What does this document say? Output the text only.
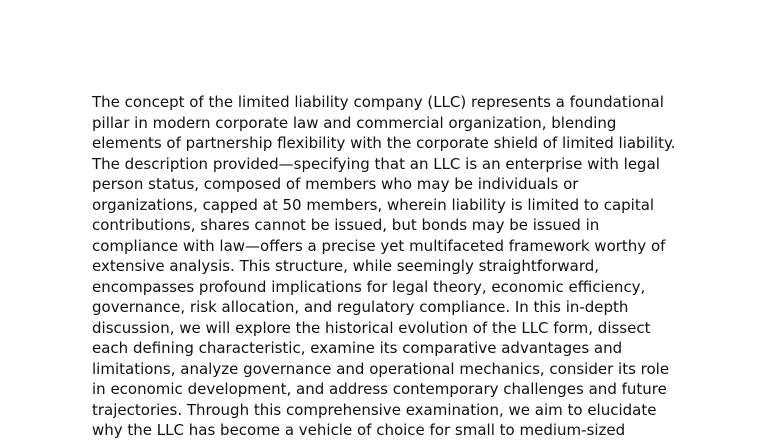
The concept of the limited liability company (LLC) represents a foundational
pillar in modern corporate law and commercial organization, blending
elements of partnership flexibility with the corporate shield of limited liability.
The description provided—specifying that an LLC is an enterprise with legal
person status, composed of members who may be individuals or
organizations, capped at 50 members, wherein liability is limited to capital
contributions, shares cannot be issued, but bonds may be issued in
compliance with law—offers a precise yet multifaceted framework worthy of
extensive analysis. This structure, while seemingly straightforward,
encompasses profound implications for legal theory, economic efficiency,
governance, risk allocation, and regulatory compliance. In this in-depth
discussion, we will explore the historical evolution of the LLC form, dissect
each defining characteristic, examine its comparative advantages and
limitations, analyze governance and operational mechanics, consider its role
in economic development, and address contemporary challenges and future
trajectories. Through this comprehensive examination, we aim to elucidate
why the LLC has become a vehicle of choice for small to medium-sized
